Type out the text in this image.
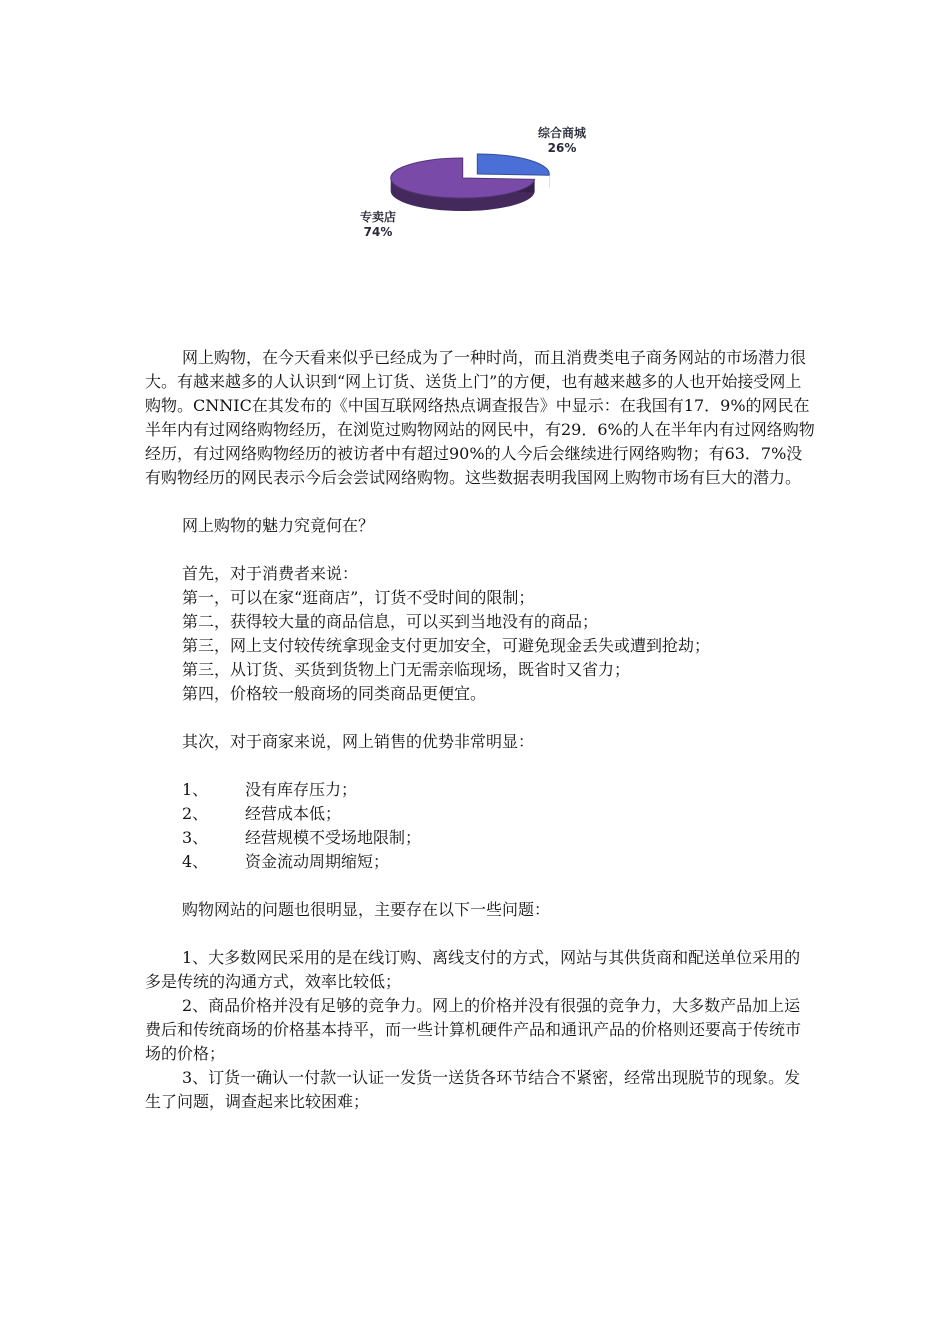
综合商城
26%
专卖店
74%

网上购物，在今天看来似乎已经成为了一种时尚，而且消费类电子商务网站的市场潜力很大。有越来越多的人认识到“网上订货、送货上门”的方便，也有越来越多的人也开始接受网上购物。CNNIC在其发布的《中国互联网络热点调查报告》中显示：在我国有17．9%的网民在半年内有过网络购物经历，在浏览过购物网站的网民中，有29．6%的人在半年内有过网络购物经历，有过网络购物经历的被访者中有超过90%的人今后会继续进行网络购物；有63．7%没有购物经历的网民表示今后会尝试网络购物。这些数据表明我国网上购物市场有巨大的潜力。

网上购物的魅力究竟何在？

首先，对于消费者来说：

第一，可以在家“逛商店”，订货不受时间的限制；

第二，获得较大量的商品信息，可以买到当地没有的商品；

第三，网上支付较传统拿现金支付更加安全，可避免现金丢失或遭到抢劫；

第三，从订货、买货到货物上门无需亲临现场，既省时又省力；

第四，价格较一般商场的同类商品更便宜。

其次，对于商家来说，网上销售的优势非常明显：

1、 没有库存压力；

2、 经营成本低；

3、 经营规模不受场地限制；

4、 资金流动周期缩短；

购物网站的问题也很明显，主要存在以下一些问题：

1、大多数网民采用的是在线订购、离线支付的方式，网站与其供货商和配送单位采用的多是传统的沟通方式，效率比较低；

2、商品价格并没有足够的竞争力。网上的价格并没有很强的竞争力，大多数产品加上运费后和传统商场的价格基本持平，而一些计算机硬件产品和通讯产品的价格则还要高于传统市场的价格；

3、订货一确认一付款一认证一发货一送货各环节结合不紧密，经常出现脱节的现象。发生了问题，调查起来比较困难；
